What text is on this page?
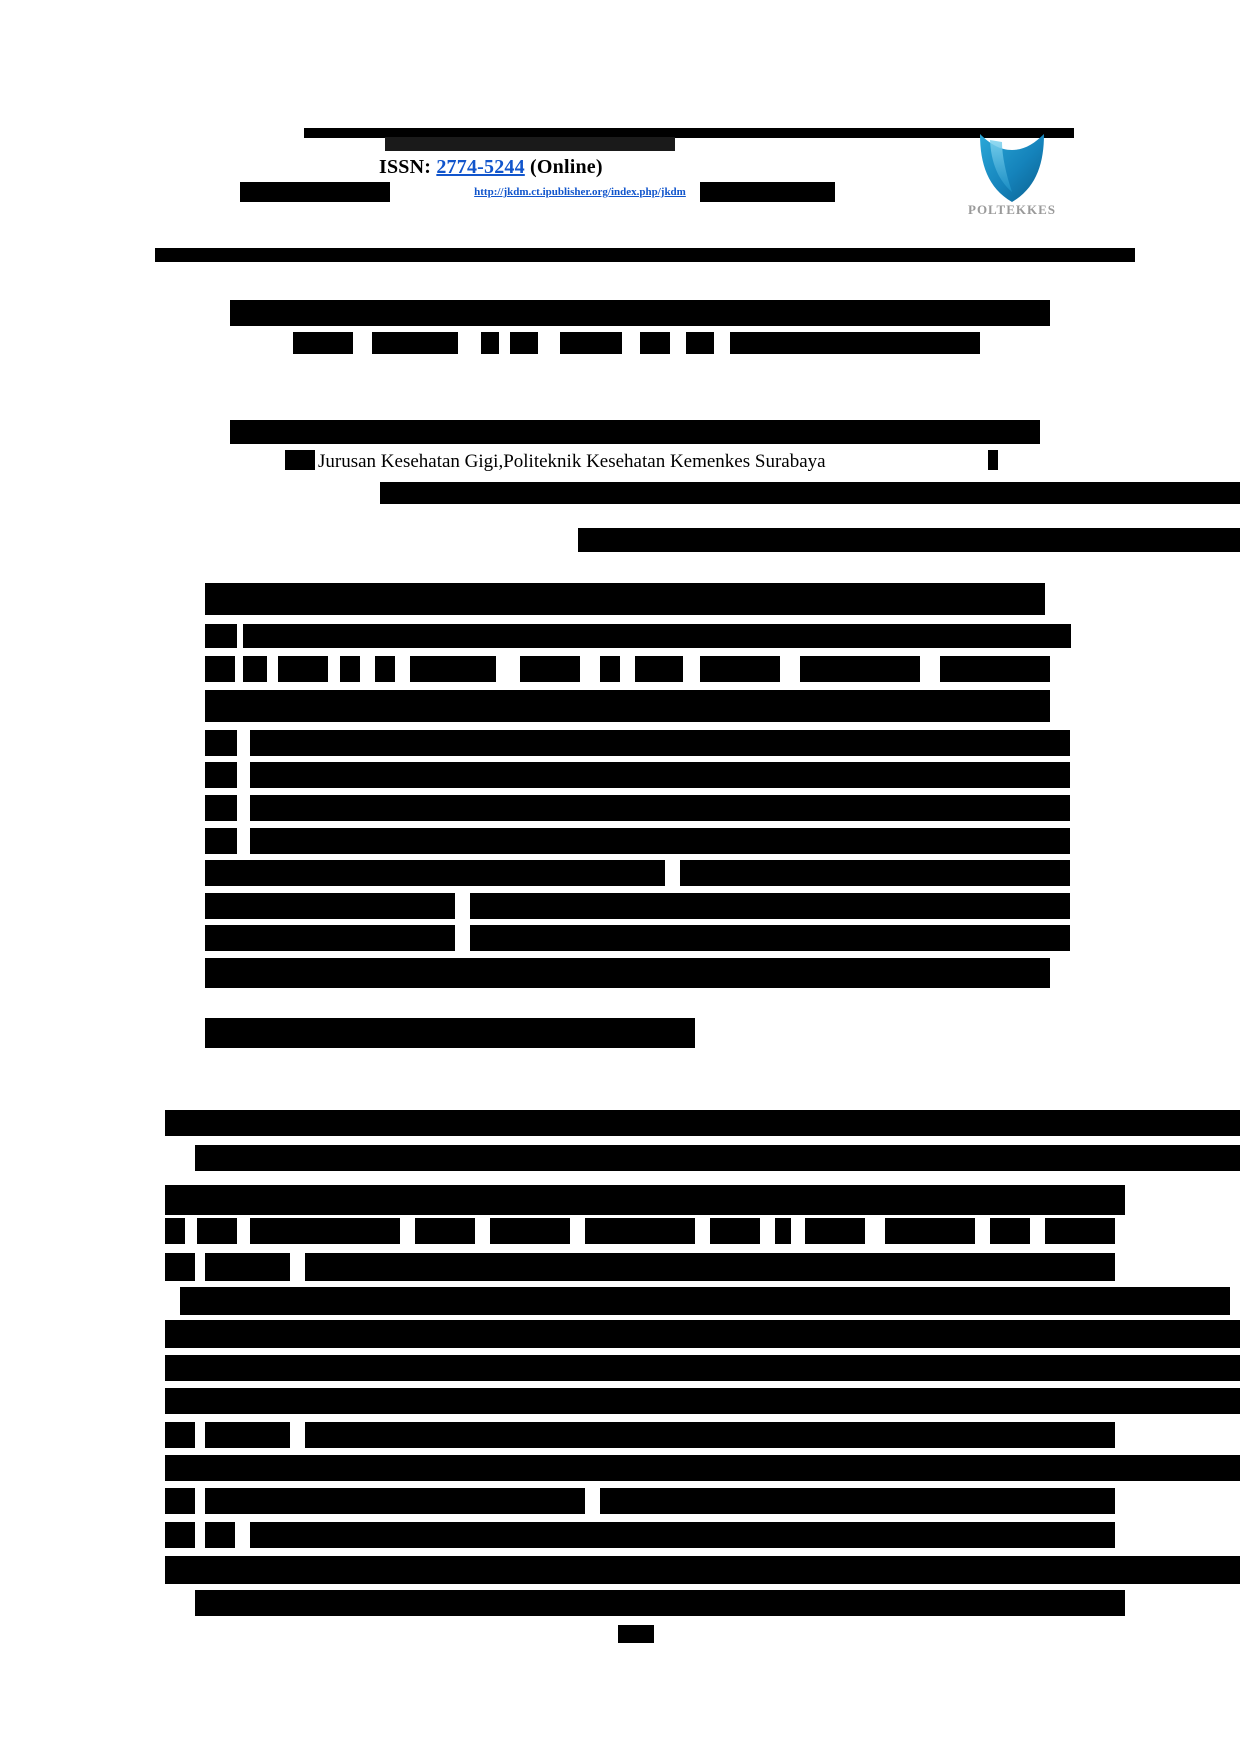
ISSN: 2774-5244 (Online)
http://jkdm.ct.ipublisher.org/index.php/jkdm
POLTEKKES
Jurusan Kesehatan Gigi,Politeknik Kesehatan Kemenkes Surabaya
